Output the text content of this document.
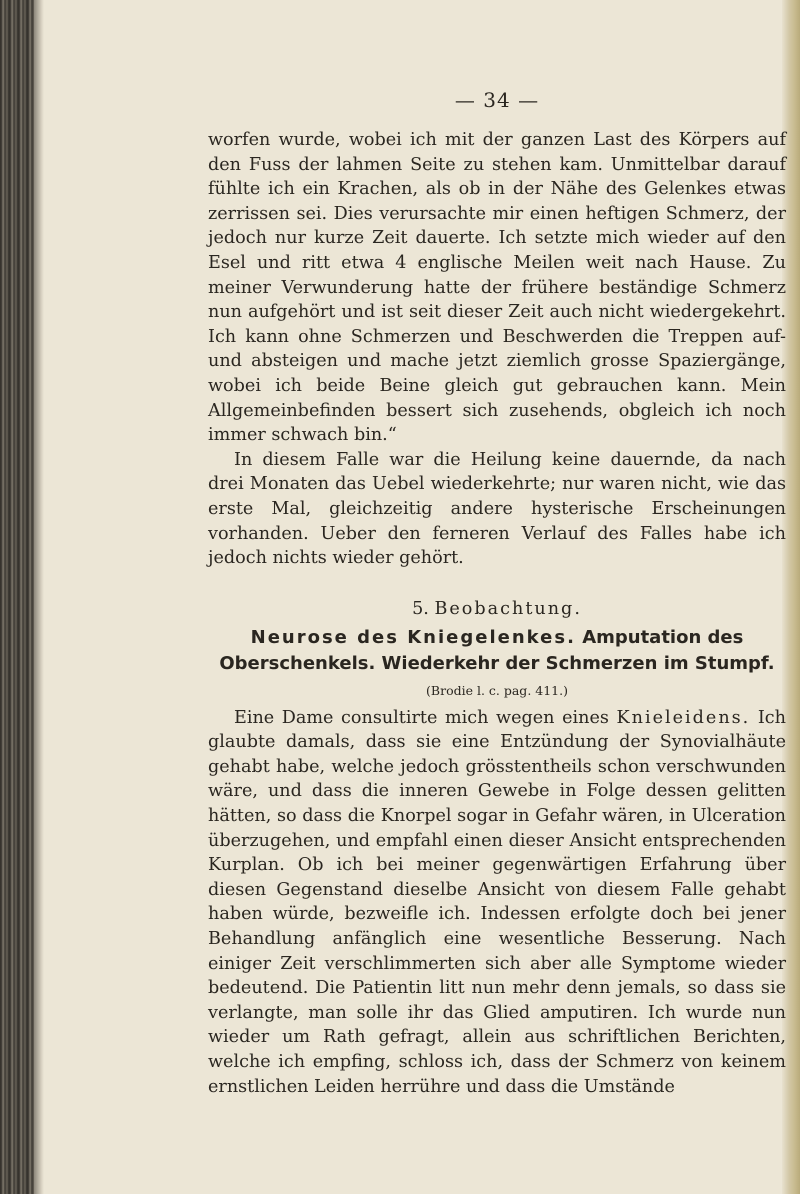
— 34 —

worfen wurde, wobei ich mit der ganzen Last des Körpers auf den Fuss der lahmen Seite zu stehen kam. Unmittelbar darauf fühlte ich ein Krachen, als ob in der Nähe des Gelenkes etwas zerrissen sei. Dies verursachte mir einen heftigen Schmerz, der jedoch nur kurze Zeit dauerte. Ich setzte mich wieder auf den Esel und ritt etwa 4 englische Meilen weit nach Hause. Zu meiner Verwunderung hatte der frühere beständige Schmerz nun aufgehört und ist seit dieser Zeit auch nicht wiedergekehrt. Ich kann ohne Schmerzen und Beschwerden die Treppen auf- und absteigen und mache jetzt ziemlich grosse Spaziergänge, wobei ich beide Beine gleich gut gebrauchen kann. Mein Allgemeinbefinden bessert sich zusehends, obgleich ich noch immer schwach bin.“

In diesem Falle war die Heilung keine dauernde, da nach drei Monaten das Uebel wiederkehrte; nur waren nicht, wie das erste Mal, gleichzeitig andere hysterische Erscheinungen vorhanden. Ueber den ferneren Verlauf des Falles habe ich jedoch nichts wieder gehört.

5. Beobachtung.
Neurose des Kniegelenkes. Amputation des Oberschenkels. Wiederkehr der Schmerzen im Stumpf.
(Brodie l. c. pag. 411.)

Eine Dame consultirte mich wegen eines Knieleidens. Ich glaubte damals, dass sie eine Entzündung der Synovialhäute gehabt habe, welche jedoch grösstentheils schon verschwunden wäre, und dass die inneren Gewebe in Folge dessen gelitten hätten, so dass die Knorpel sogar in Gefahr wären, in Ulceration überzugehen, und empfahl einen dieser Ansicht entsprechenden Kurplan. Ob ich bei meiner gegenwärtigen Erfahrung über diesen Gegenstand dieselbe Ansicht von diesem Falle gehabt haben würde, bezweifle ich. Indessen erfolgte doch bei jener Behandlung anfänglich eine wesentliche Besserung. Nach einiger Zeit verschlimmerten sich aber alle Symptome wieder bedeutend. Die Patientin litt nun mehr denn jemals, so dass sie verlangte, man solle ihr das Glied amputiren. Ich wurde nun wieder um Rath gefragt, allein aus schriftlichen Berichten, welche ich empfing, schloss ich, dass der Schmerz von keinem ernstlichen Leiden herrühre und dass die Umstände
